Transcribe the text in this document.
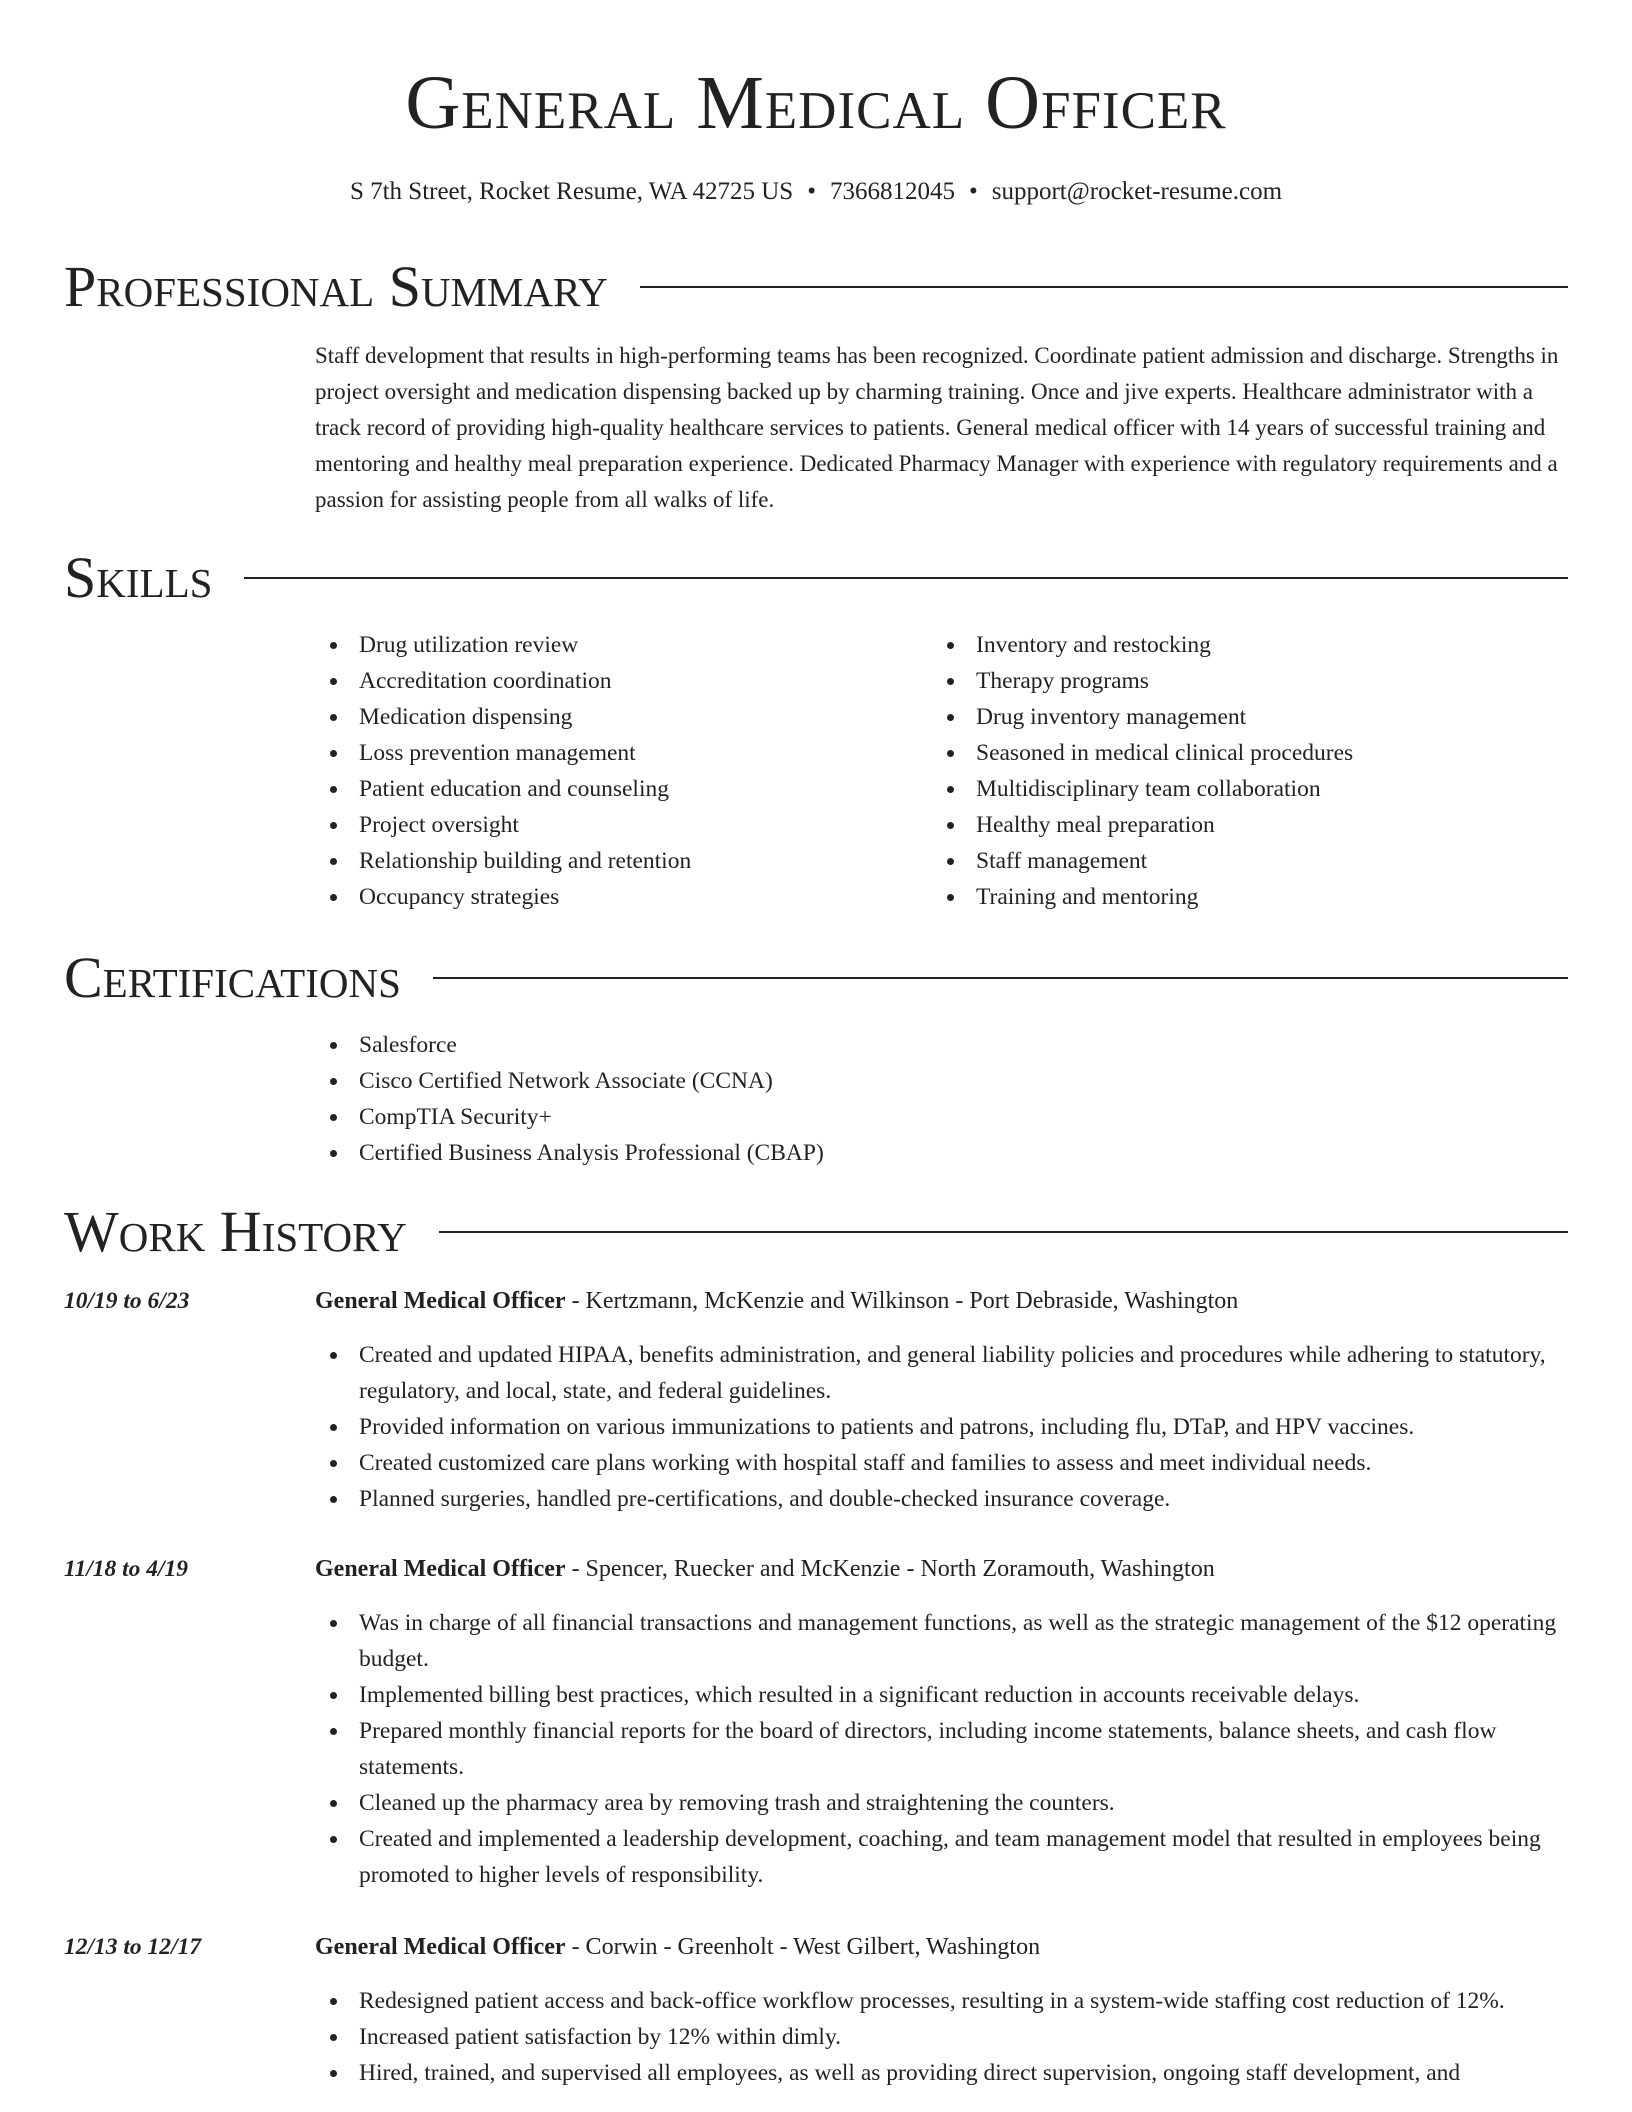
General Medical Officer
S 7th Street, Rocket Resume, WA 42725 US • 7366812045 • support@rocket-resume.com
Professional Summary

Staff development that results in high-performing teams has been recognized. Coordinate patient admission and discharge. Strengths in project oversight and medication dispensing backed up by charming training. Once and jive experts. Healthcare administrator with a track record of providing high-quality healthcare services to patients. General medical officer with 14 years of successful training and mentoring and healthy meal preparation experience. Dedicated Pharmacy Manager with experience with regulatory requirements and a passion for assisting people from all walks of life.

Skills
Drug utilization review
Accreditation coordination
Medication dispensing
Loss prevention management
Patient education and counseling
Project oversight
Relationship building and retention
Occupancy strategies
Inventory and restocking
Therapy programs
Drug inventory management
Seasoned in medical clinical procedures
Multidisciplinary team collaboration
Healthy meal preparation
Staff management
Training and mentoring
Certifications
Salesforce
Cisco Certified Network Associate (CCNA)
CompTIA Security+
Certified Business Analysis Professional (CBAP)
Work History
10/19 to 6/23	General Medical Officer - Kertzmann, McKenzie and Wilkinson - Port Debraside, Washington
Created and updated HIPAA, benefits administration, and general liability policies and procedures while adhering to statutory, regulatory, and local, state, and federal guidelines.
Provided information on various immunizations to patients and patrons, including flu, DTaP, and HPV vaccines.
Created customized care plans working with hospital staff and families to assess and meet individual needs.
Planned surgeries, handled pre-certifications, and double-checked insurance coverage.
11/18 to 4/19	General Medical Officer - Spencer, Ruecker and McKenzie - North Zoramouth, Washington
Was in charge of all financial transactions and management functions, as well as the strategic management of the $12 operating budget.
Implemented billing best practices, which resulted in a significant reduction in accounts receivable delays.
Prepared monthly financial reports for the board of directors, including income statements, balance sheets, and cash flow statements.
Cleaned up the pharmacy area by removing trash and straightening the counters.
Created and implemented a leadership development, coaching, and team management model that resulted in employees being promoted to higher levels of responsibility.
12/13 to 12/17	General Medical Officer - Corwin - Greenholt - West Gilbert, Washington
Redesigned patient access and back-office workflow processes, resulting in a system-wide staffing cost reduction of 12%.
Increased patient satisfaction by 12% within dimly.
Hired, trained, and supervised all employees, as well as providing direct supervision, ongoing staff development, and
